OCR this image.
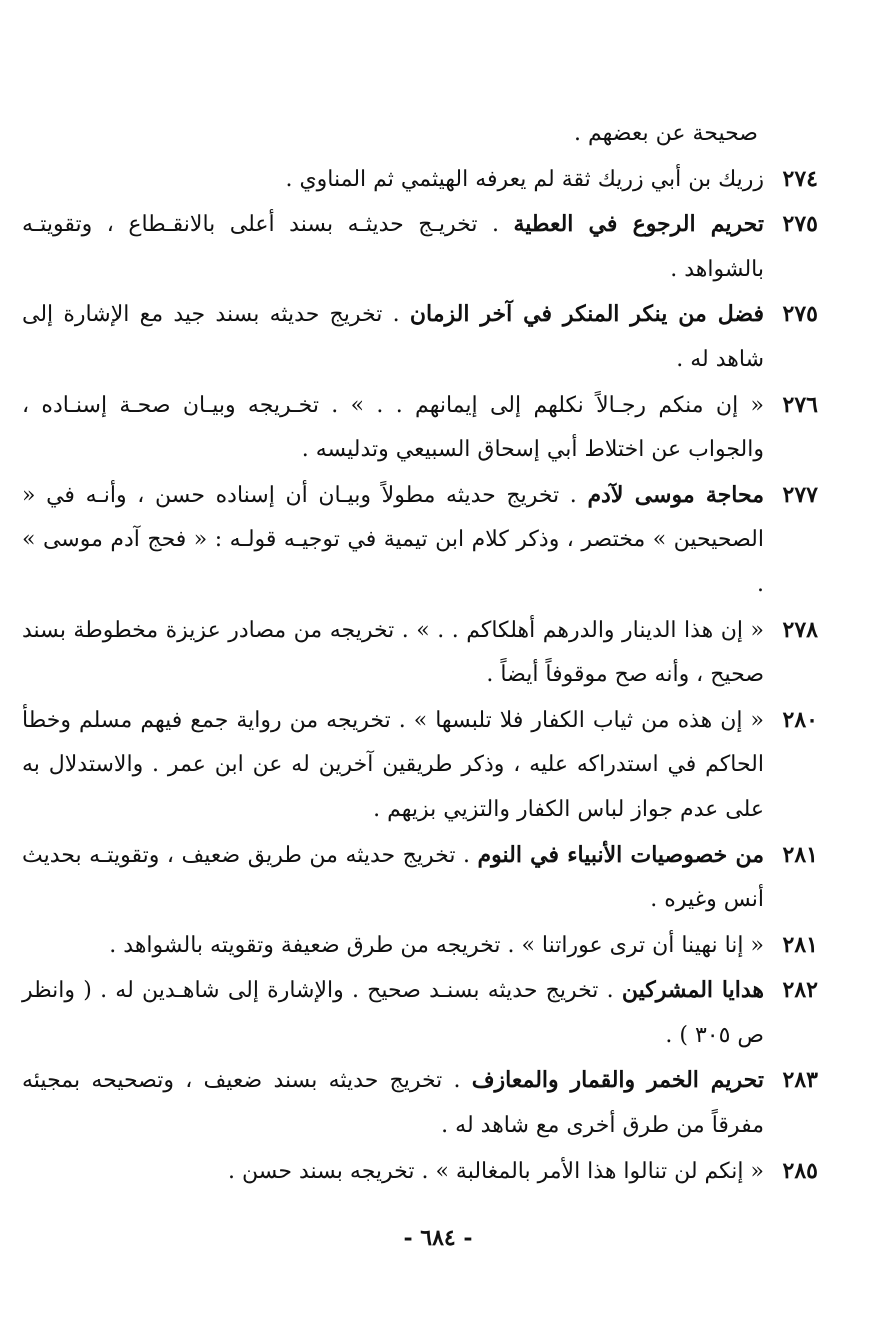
صحيحة عن بعضهم .
٢٧٤
زريك بن أبي زريك ثقة لم يعرفه الهيثمي ثم المناوي .
٢٧٥
تحريم الرجوع في العطية . تخريـج حديثـه بسند أعلى بالانقـطاع ، وتقويتـه بالشواهد .
٢٧٥
فضل من ينكر المنكر في آخر الزمان . تخريج حديثه بسند جيد مع الإشارة إلى شاهد له .
٢٧٦
« إن منكم رجـالاً نكلهم إلى إيمانهم . . » . تخـريجه وبيـان صحـة إسنـاده ، والجواب عن اختلاط أبي إسحاق السبيعي وتدليسه .
٢٧٧
محاجة موسى لآدم . تخريج حديثه مطولاً وبيـان أن إسناده حسن ، وأنـه في « الصحيحين » مختصر ، وذكر كلام ابن تيمية في توجيـه قولـه : « فحج آدم موسى » .
٢٧٨
« إن هذا الدينار والدرهم أهلكاكم . . » . تخريجه من مصادر عزيزة مخطوطة بسند صحيح ، وأنه صح موقوفاً أيضاً .
٢٨٠
« إن هذه من ثياب الكفار فلا تلبسها » . تخريجه من رواية جمع فيهم مسلم وخطأ الحاكم في استدراكه عليه ، وذكر طريقين آخرين له عن ابن عمر . والاستدلال به على عدم جواز لباس الكفار والتزيي بزيهم .
٢٨١
من خصوصيات الأنبياء في النوم . تخريج حديثه من طريق ضعيف ، وتقويتـه بحديث أنس وغيره .
٢٨١
« إنا نهينا أن ترى عوراتنا » . تخريجه من طرق ضعيفة وتقويته بالشواهد .
٢٨٢
هدايا المشركين . تخريج حديثه بسنـد صحيح . والإشارة إلى شاهـدين له . ( وانظر ص ٣٠٥ ) .
٢٨٣
تحريم الخمر والقمار والمعازف . تخريج حديثه بسند ضعيف ، وتصحيحه بمجيئه مفرقاً من طرق أخرى مع شاهد له .
٢٨٥
« إنكم لن تنالوا هذا الأمر بالمغالبة » . تخريجه بسند حسن .
- ٦٨٤ -
